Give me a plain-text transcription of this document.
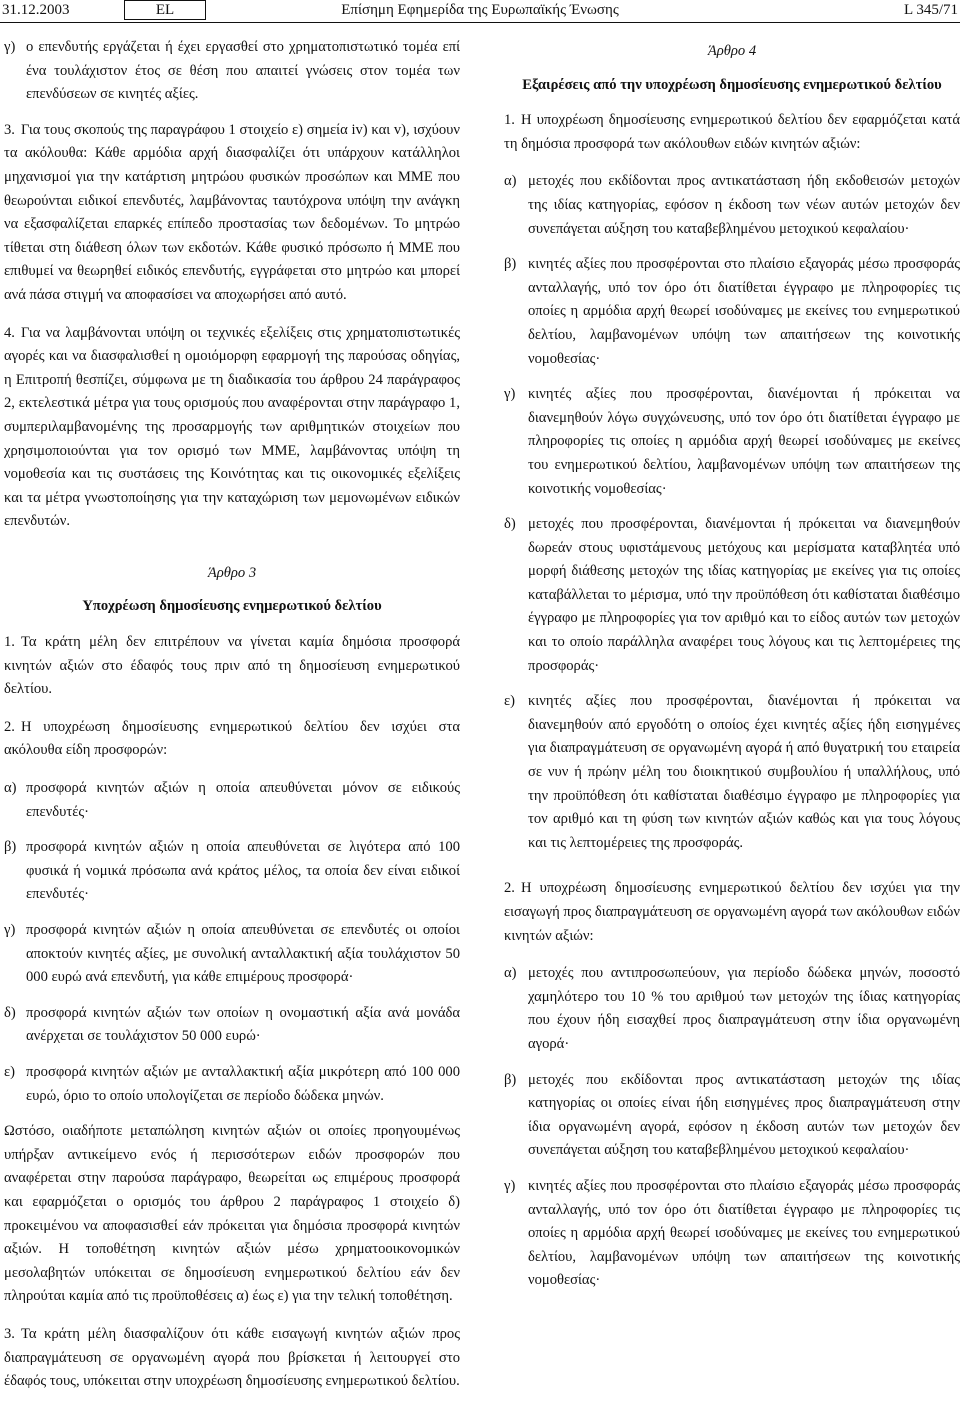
31.12.2003	EL	Επίσημη Εφημερίδα της Ευρωπαϊκής Ένωσης	L 345/71
γ) ο επενδυτής εργάζεται ή έχει εργασθεί στο χρηματοπιστωτικό τομέα επί ένα τουλάχιστον έτος σε θέση που απαιτεί γνώσεις στον τομέα των επενδύσεων σε κινητές αξίες.

3. Για τους σκοπούς της παραγράφου 1 στοιχείο ε) σημεία iv) και v), ισχύουν τα ακόλουθα: Κάθε αρμόδια αρχή διασφαλίζει ότι υπάρχουν κατάλληλοι μηχανισμοί για την κατάρτιση μητρώου φυσικών προσώπων και ΜΜΕ που θεωρούνται ειδικοί επενδυτές, λαμβάνοντας ταυτόχρονα υπόψη την ανάγκη να εξασφαλίζεται επαρκές επίπεδο προστασίας των δεδομένων. Το μητρώο τίθεται στη διάθεση όλων των εκδοτών. Κάθε φυσικό πρόσωπο ή ΜΜΕ που επιθυμεί να θεωρηθεί ειδικός επενδυτής, εγγράφεται στο μητρώο και μπορεί ανά πάσα στιγμή να αποφασίσει να αποχωρήσει από αυτό.

4. Για να λαμβάνονται υπόψη οι τεχνικές εξελίξεις στις χρηματοπιστωτικές αγορές και να διασφαλισθεί η ομοιόμορφη εφαρμογή της παρούσας οδηγίας, η Επιτροπή θεσπίζει, σύμφωνα με τη διαδικασία του άρθρου 24 παράγραφος 2, εκτελεστικά μέτρα για τους ορισμούς που αναφέρονται στην παράγραφο 1, συμπεριλαμβανομένης της προσαρμογής των αριθμητικών στοιχείων που χρησιμοποιούνται για τον ορισμό των ΜΜΕ, λαμβάνοντας υπόψη τη νομοθεσία και τις συστάσεις της Κοινότητας και τις οικονομικές εξελίξεις και τα μέτρα γνωστοποίησης για την καταχώριση των μεμονωμένων ειδικών επενδυτών.

Άρθρο 3
Υποχρέωση δημοσίευσης ενημερωτικού δελτίου

1. Τα κράτη μέλη δεν επιτρέπουν να γίνεται καμία δημόσια προσφορά κινητών αξιών στο έδαφός τους πριν από τη δημοσίευση ενημερωτικού δελτίου.

2. Η υποχρέωση δημοσίευσης ενημερωτικού δελτίου δεν ισχύει στα ακόλουθα είδη προσφορών:

α) προσφορά κινητών αξιών η οποία απευθύνεται μόνον σε ειδικούς επενδυτές·
β) προσφορά κινητών αξιών η οποία απευθύνεται σε λιγότερα από 100 φυσικά ή νομικά πρόσωπα ανά κράτος μέλος, τα οποία δεν είναι ειδικοί επενδυτές·
γ) προσφορά κινητών αξιών η οποία απευθύνεται σε επενδυτές οι οποίοι αποκτούν κινητές αξίες, με συνολική ανταλλακτική αξία τουλάχιστον 50 000 ευρώ ανά επενδυτή, για κάθε επιμέρους προσφορά·
δ) προσφορά κινητών αξιών των οποίων η ονομαστική αξία ανά μονάδα ανέρχεται σε τουλάχιστον 50 000 ευρώ·
ε) προσφορά κινητών αξιών με ανταλλακτική αξία μικρότερη από 100 000 ευρώ, όριο το οποίο υπολογίζεται σε περίοδο δώδεκα μηνών.

Ωστόσο, οιαδήποτε μεταπώληση κινητών αξιών οι οποίες προηγουμένως υπήρξαν αντικείμενο ενός ή περισσότερων ειδών προσφορών που αναφέρεται στην παρούσα παράγραφο, θεωρείται ως επιμέρους προσφορά και εφαρμόζεται ο ορισμός του άρθρου 2 παράγραφος 1 στοιχείο δ) προκειμένου να αποφασισθεί εάν πρόκειται για δημόσια προσφορά κινητών αξιών. Η τοποθέτηση κινητών αξιών μέσω χρηματοοικονομικών μεσολαβητών υπόκειται σε δημοσίευση ενημερωτικού δελτίου εάν δεν πληρούται καμία από τις προϋποθέσεις α) έως ε) για την τελική τοποθέτηση.

3. Τα κράτη μέλη διασφαλίζουν ότι κάθε εισαγωγή κινητών αξιών προς διαπραγμάτευση σε οργανωμένη αγορά που βρίσκεται ή λειτουργεί στο έδαφός τους, υπόκειται στην υποχρέωση δημοσίευσης ενημερωτικού δελτίου.

Άρθρο 4
Εξαιρέσεις από την υποχρέωση δημοσίευσης ενημερωτικού δελτίου

1. Η υποχρέωση δημοσίευσης ενημερωτικού δελτίου δεν εφαρμόζεται κατά τη δημόσια προσφορά των ακόλουθων ειδών κινητών αξιών:

α) μετοχές που εκδίδονται προς αντικατάσταση ήδη εκδοθεισών μετοχών της ιδίας κατηγορίας, εφόσον η έκδοση των νέων αυτών μετοχών δεν συνεπάγεται αύξηση του καταβεβλημένου μετοχικού κεφαλαίου·
β) κινητές αξίες που προσφέρονται στο πλαίσιο εξαγοράς μέσω προσφοράς ανταλλαγής, υπό τον όρο ότι διατίθεται έγγραφο με πληροφορίες τις οποίες η αρμόδια αρχή θεωρεί ισοδύναμες με εκείνες του ενημερωτικού δελτίου, λαμβανομένων υπόψη των απαιτήσεων της κοινοτικής νομοθεσίας·
γ) κινητές αξίες που προσφέρονται, διανέμονται ή πρόκειται να διανεμηθούν λόγω συγχώνευσης, υπό τον όρο ότι διατίθεται έγγραφο με πληροφορίες τις οποίες η αρμόδια αρχή θεωρεί ισοδύναμες με εκείνες του ενημερωτικού δελτίου, λαμβανομένων υπόψη των απαιτήσεων της κοινοτικής νομοθεσίας·
δ) μετοχές που προσφέρονται, διανέμονται ή πρόκειται να διανεμηθούν δωρεάν στους υφιστάμενους μετόχους και μερίσματα καταβλητέα υπό μορφή διάθεσης μετοχών της ιδίας κατηγορίας με εκείνες για τις οποίες καταβάλλεται το μέρισμα, υπό την προϋπόθεση ότι καθίσταται διαθέσιμο έγγραφο με πληροφορίες για τον αριθμό και το είδος αυτών των μετοχών και το οποίο παράλληλα αναφέρει τους λόγους και τις λεπτομέρειες της προσφοράς·
ε) κινητές αξίες που προσφέρονται, διανέμονται ή πρόκειται να διανεμηθούν από εργοδότη ο οποίος έχει κινητές αξίες ήδη εισηγμένες για διαπραγμάτευση σε οργανωμένη αγορά ή από θυγατρική του εταιρεία σε νυν ή πρώην μέλη του διοικητικού συμβουλίου ή υπαλλήλους, υπό την προϋπόθεση ότι καθίσταται διαθέσιμο έγγραφο με πληροφορίες για τον αριθμό και τη φύση των κινητών αξιών καθώς και για τους λόγους και τις λεπτομέρειες της προσφοράς.

2. Η υποχρέωση δημοσίευσης ενημερωτικού δελτίου δεν ισχύει για την εισαγωγή προς διαπραγμάτευση σε οργανωμένη αγορά των ακόλουθων ειδών κινητών αξιών:

α) μετοχές που αντιπροσωπεύουν, για περίοδο δώδεκα μηνών, ποσοστό χαμηλότερο του 10 % του αριθμού των μετοχών της ίδιας κατηγορίας που έχουν ήδη εισαχθεί προς διαπραγμάτευση στην ίδια οργανωμένη αγορά·
β) μετοχές που εκδίδονται προς αντικατάσταση μετοχών της ιδίας κατηγορίας οι οποίες είναι ήδη εισηγμένες προς διαπραγμάτευση στην ίδια οργανωμένη αγορά, εφόσον η έκδοση αυτών των μετοχών δεν συνεπάγεται αύξηση του καταβεβλημένου μετοχικού κεφαλαίου·
γ) κινητές αξίες που προσφέρονται στο πλαίσιο εξαγοράς μέσω προσφοράς ανταλλαγής, υπό τον όρο ότι διατίθεται έγγραφο με πληροφορίες τις οποίες η αρμόδια αρχή θεωρεί ισοδύναμες με εκείνες του ενημερωτικού δελτίου, λαμβανομένων υπόψη των απαιτήσεων της κοινοτικής νομοθεσίας·
